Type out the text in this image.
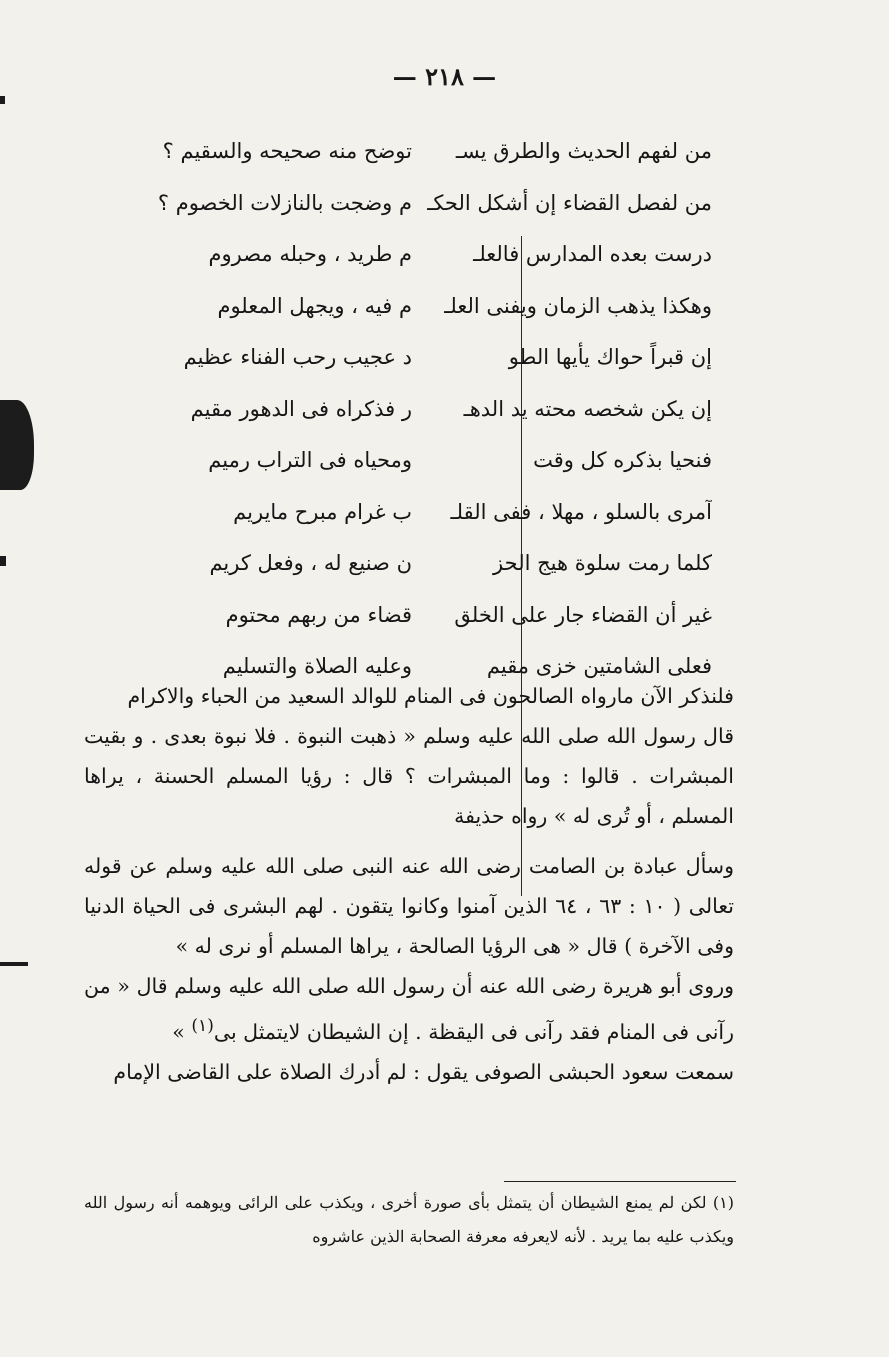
— ٢١٨ —
من لفهم الحديث والطرق يسـ
توضح منه صحيحه والسقيم ؟
من لفصل القضاء إن أشكل الحكـ
م وضجت بالنازلات الخصوم ؟
درست بعده المدارس فالعلـ
م طريد ، وحبله مصروم
وهكذا يذهب الزمان ويفنى العلـ
م فيه ، ويجهل المعلوم
إن قبراً حواك يأيها الطو
د عجيب رحب الفناء عظيم
إن يكن شخصه محته يد الدهـ
ر فذكراه فى الدهور مقيم
فنحيا بذكره كل وقت
ومحياه فى التراب رميم
آمرى بالسلو ، مهلا ، ففى القلـ
ب غرام مبرح مايريم
كلما رمت سلوة هيج الحز
ن صنيع له ، وفعل كريم
غير أن القضاء جار على الخلق
قضاء من ربهم محتوم
فعلى الشامتين خزى مقيم
وعليه الصلاة والتسليم

فلنذكر الآن مارواه الصالحون فى المنام للوالد السعيد من الحباء والاكرام

قال رسول الله صلى الله عليه وسلم « ذهبت النبوة . فلا نبوة بعدى . و بقيت المبشرات . قالوا : وما المبشرات ؟ قال : رؤيا المسلم الحسنة ، يراها المسلم ، أو تُرى له » رواه حذيفة

وسأل عبادة بن الصامت رضى الله عنه النبى صلى الله عليه وسلم عن قوله تعالى ( ١٠ : ٦٣ ، ٦٤ الذين آمنوا وكانوا يتقون . لهم البشرى فى الحياة الدنيا وفى الآخرة ) قال « هى الرؤيا الصالحة ، يراها المسلم أو نرى له »

وروى أبو هريرة رضى الله عنه أن رسول الله صلى الله عليه وسلم قال « من رآنى فى المنام فقد رآنى فى اليقظة . إن الشيطان لايتمثل بى$^{(١)}$ »

سمعت سعود الحبشى الصوفى يقول : لم أدرك الصلاة على القاضى الإمام

(١) لكن لم يمنع الشيطان أن يتمثل بأى صورة أخرى ، ويكذب على الرائى ويوهمه أنه رسول الله ويكذب عليه بما يريد . لأنه لايعرفه معرفة الصحابة الذين عاشروه
